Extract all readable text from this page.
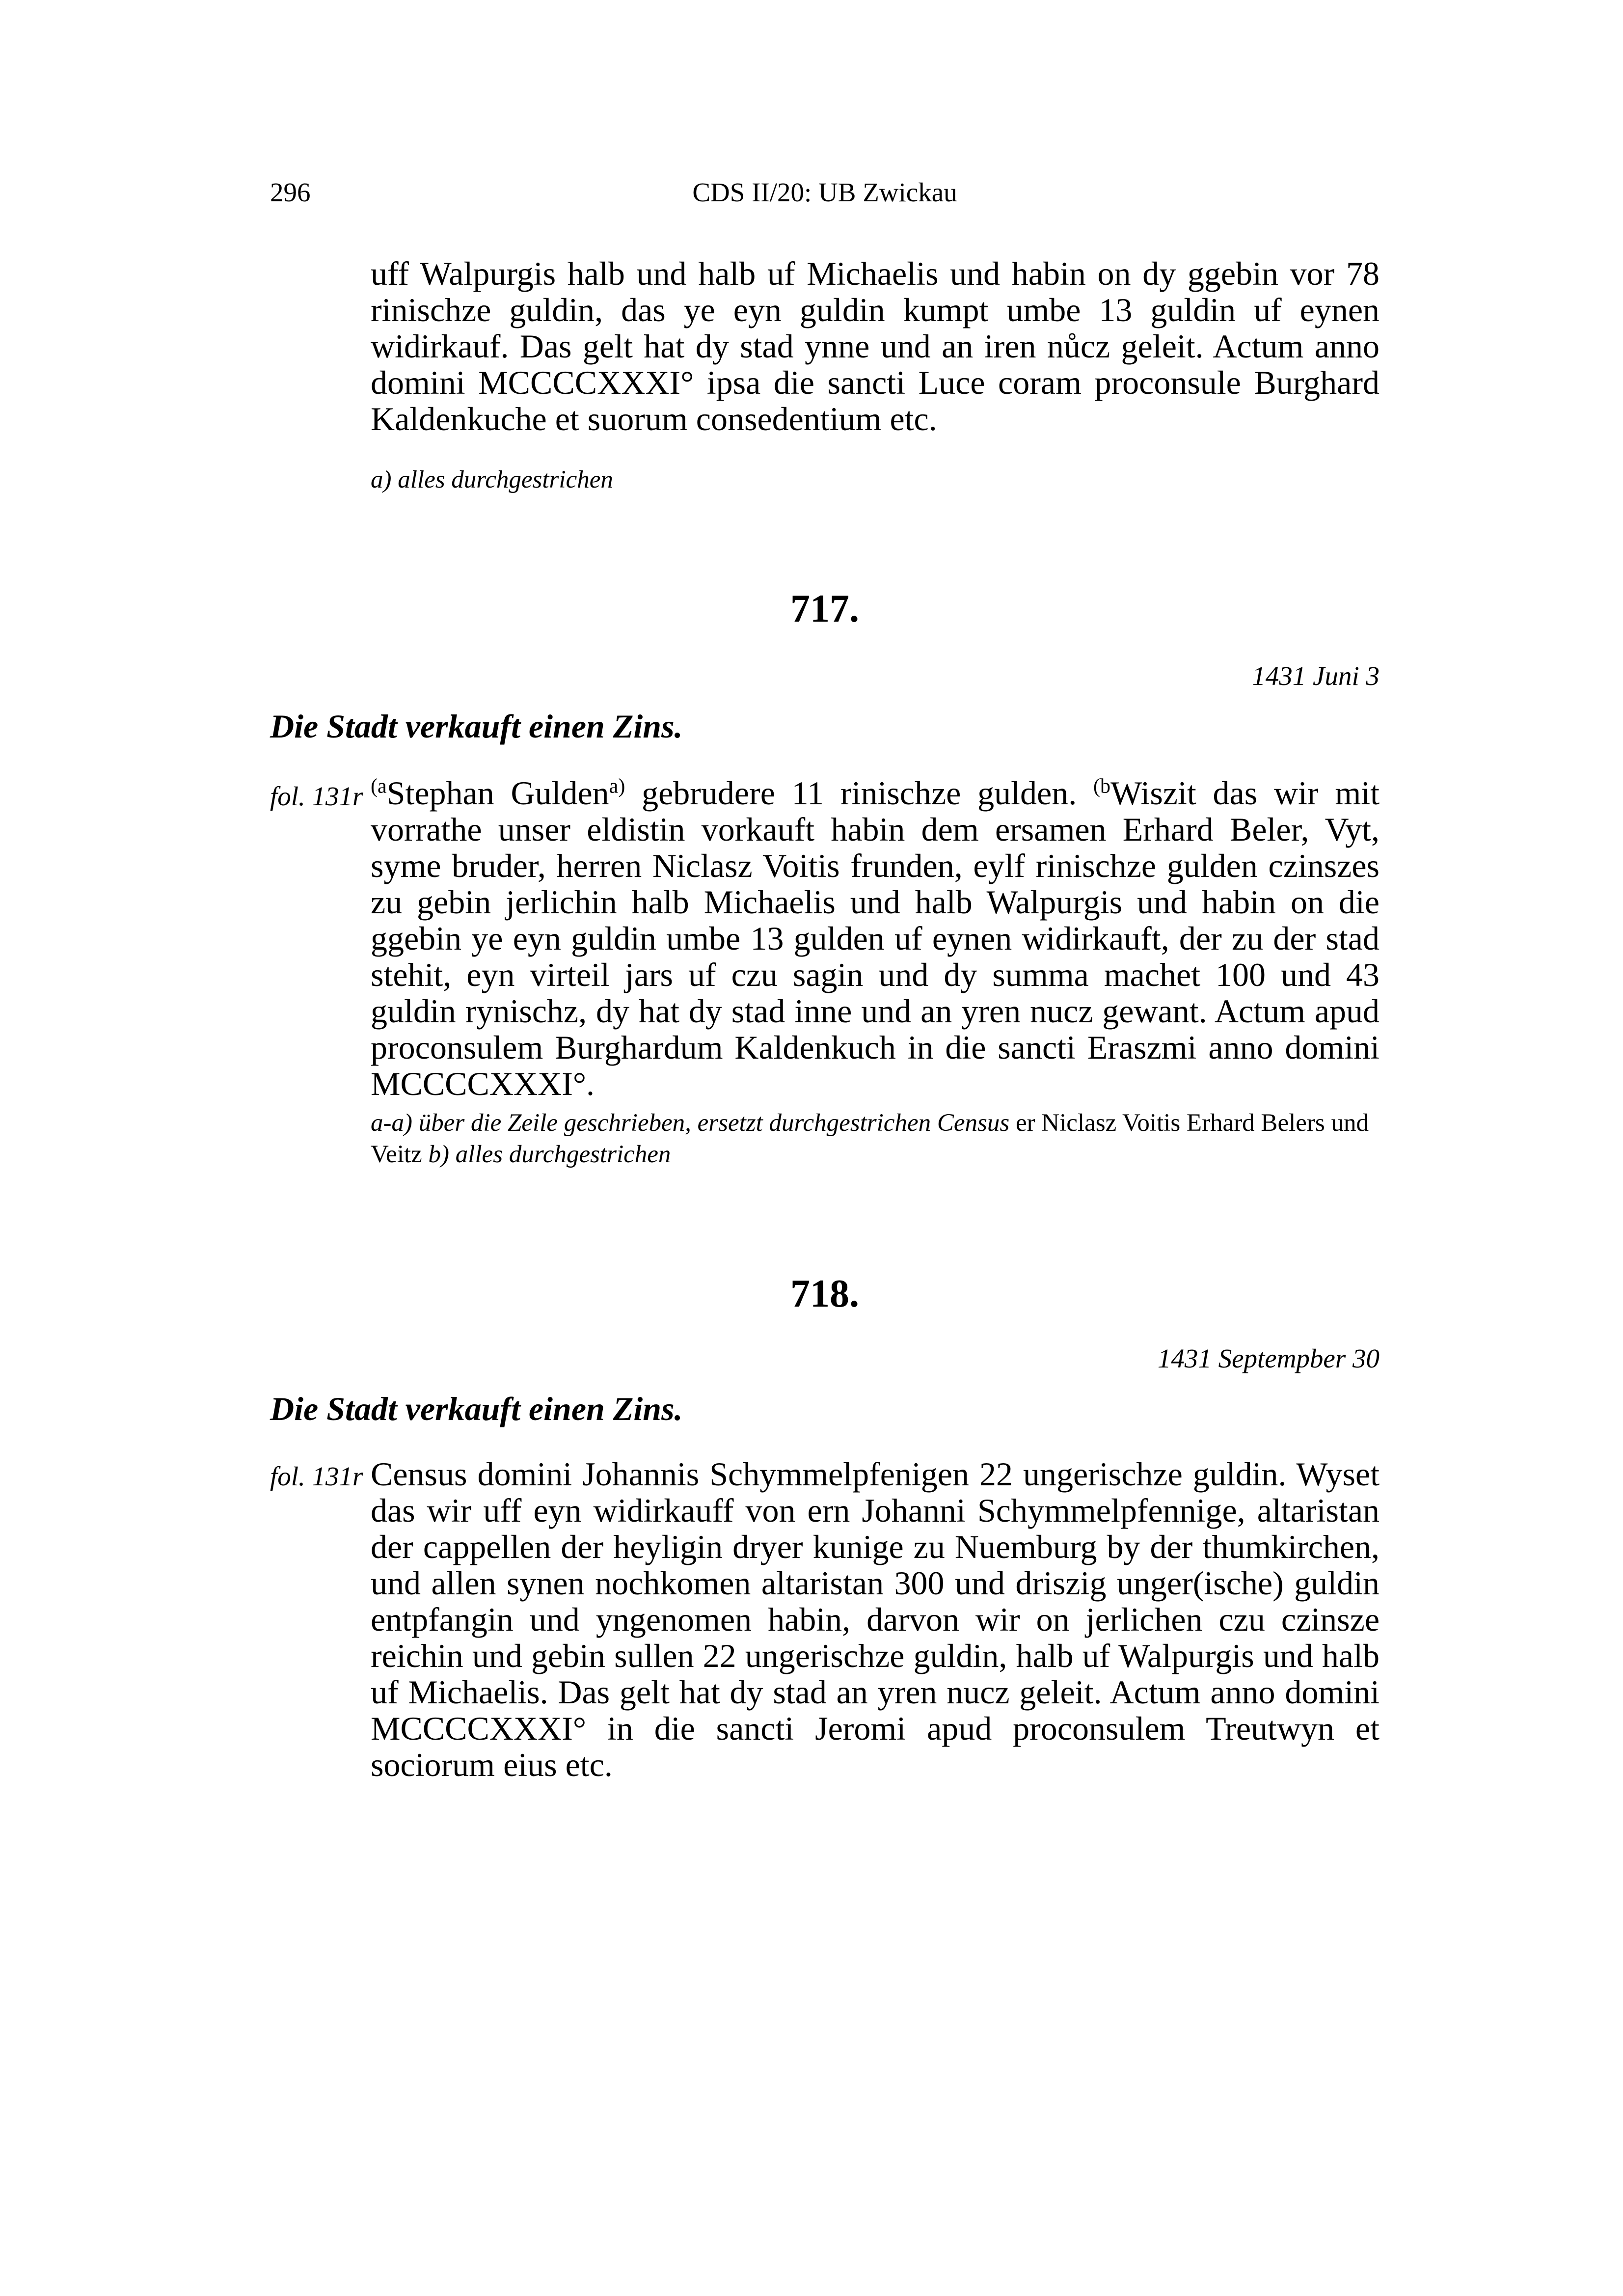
296	CDS II/20: UB Zwickau

uff Walpurgis halb und halb uf Michaelis und habin on dy ggebin vor 78 rinischze guldin, das ye eyn guldin kumpt umbe 13 guldin uf eynen widirkauf. Das gelt hat dy stad ynne und an iren nůcz geleit. Actum anno domini MCCCCXXXI° ipsa die sancti Luce coram proconsule Burghard Kaldenkuche et suorum consedentium etc.

a) alles durchgestrichen
717.
1431 Juni 3
Die Stadt verkauft einen Zins.
fol. 131r $^{(a}$Stephan Gulden$^{a)}$ gebrudere 11 rinischze gulden. $^{(b}$Wiszit das wir mit vorrathe unser eldistin vorkauft habin dem ersamen Erhard Beler, Vyt, syme bruder, herren Niclasz Voitis frunden, eylf rinischze gulden czinszes zu gebin jerlichin halb Michaelis und halb Walpurgis und habin on die ggebin ye eyn guldin umbe 13 gulden uf eynen widirkauft, der zu der stad stehit, eyn virteil jars uf czu sagin und dy summa machet 100 und 43 guldin rynischz, dy hat dy stad inne und an yren nucz gewant. Actum apud proconsulem Burghardum Kaldenkuch in die sancti Eraszmi anno domini MCCCCXXXI°.

a-a) über die Zeile geschrieben, ersetzt durchgestrichen Census er Niclasz Voitis Erhard Belers und Veitz b) alles durchgestrichen
718.
1431 Septempber 30
Die Stadt verkauft einen Zins.
fol. 131r Census domini Johannis Schymmelpfenigen 22 ungerischze guldin. Wyset das wir uff eyn widirkauff von ern Johanni Schymmelpfennige, altaristan der cappellen der heyligin dryer kunige zu Nuemburg by der thumkirchen, und allen synen nochkomen altaristan 300 und driszig unger(ische) guldin entpfangin und yngenomen habin, darvon wir on jerlichen czu czinsze reichin und gebin sullen 22 ungerischze guldin, halb uf Walpurgis und halb uf Michaelis. Das gelt hat dy stad an yren nucz geleit. Actum anno domini MCCCCXXXI° in die sancti Jeromi apud proconsulem Treutwyn et sociorum eius etc.
